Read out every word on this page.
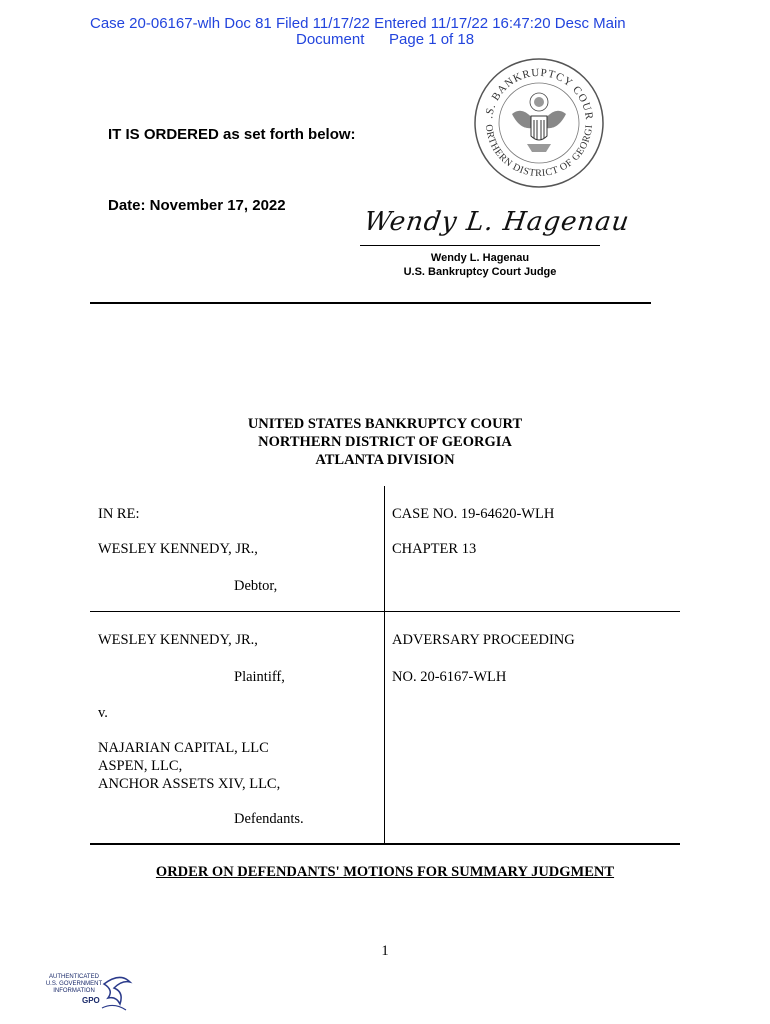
Case 20-06167-wlh Doc 81 Filed 11/17/22 Entered 11/17/22 16:47:20 Desc Main
Document Page 1 of 18
.S. BANKRUPTCY COUR
ORTHERN DISTRICT OF GEORGI
IT IS ORDERED as set forth below:
Date: November 17, 2022
Wendy L. Hagenau
Wendy L. Hagenau
U.S. Bankruptcy Court Judge
UNITED STATES BANKRUPTCY COURT
NORTHERN DISTRICT OF GEORGIA
ATLANTA DIVISION
IN RE:
WESLEY KENNEDY, JR.,
Debtor,
WESLEY KENNEDY, JR.,
Plaintiff,
v.
NAJARIAN CAPITAL, LLC
ASPEN, LLC,
ANCHOR ASSETS XIV, LLC,
Defendants.
CASE NO. 19-64620-WLH
CHAPTER 13
ADVERSARY PROCEEDING
NO. 20-6167-WLH
ORDER ON DEFENDANTS' MOTIONS FOR SUMMARY JUDGMENT
1
AUTHENTICATED
U.S. GOVERNMENT
INFORMATION
GPO
